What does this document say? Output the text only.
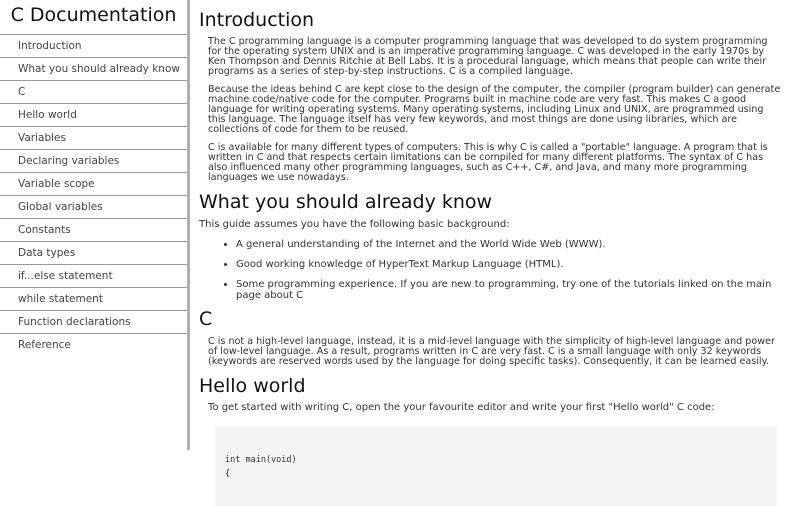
C Documentation
Introduction
What you should already know
C
Hello world
Variables
Declaring variables
Variable scope
Global variables
Constants
Data types
if...else statement
while statement
Function declarations
Reference
Introduction

The C programming language is a computer programming language that was developed to do system programming for the operating system UNIX and is an imperative programming language. C was developed in the early 1970s by Ken Thompson and Dennis Ritchie at Bell Labs. It is a procedural language, which means that people can write their programs as a series of step-by-step instructions. C is a compiled language.

Because the ideas behind C are kept close to the design of the computer, the compiler (program builder) can generate machine code/native code for the computer. Programs built in machine code are very fast. This makes C a good language for writing operating systems. Many operating systems, including Linux and UNIX, are programmed using this language. The language itself has very few keywords, and most things are done using libraries, which are collections of code for them to be reused.

C is available for many different types of computers. This is why C is called a "portable" language. A program that is written in C and that respects certain limitations can be compiled for many different platforms. The syntax of C has also influenced many other programming languages, such as C++, C#, and Java, and many more programming languages we use nowadays.

What you should already know

This guide assumes you have the following basic background:

• A general understanding of the Internet and the World Wide Web (WWW).
• Good working knowledge of HyperText Markup Language (HTML).
• Some programming experience. If you are new to programming, try one of the tutorials linked on the main page about C
C

C is not a high-level language, instead, it is a mid-level language with the simplicity of high-level language and power of low-level language. As a result, programs written in C are very fast. C is a small language with only 32 keywords (keywords are reserved words used by the language for doing specific tasks). Consequently, it can be learned easily.

Hello world

To get started with writing C, open the your favourite editor and write your first "Hello world" C code:

int main(void)
{
